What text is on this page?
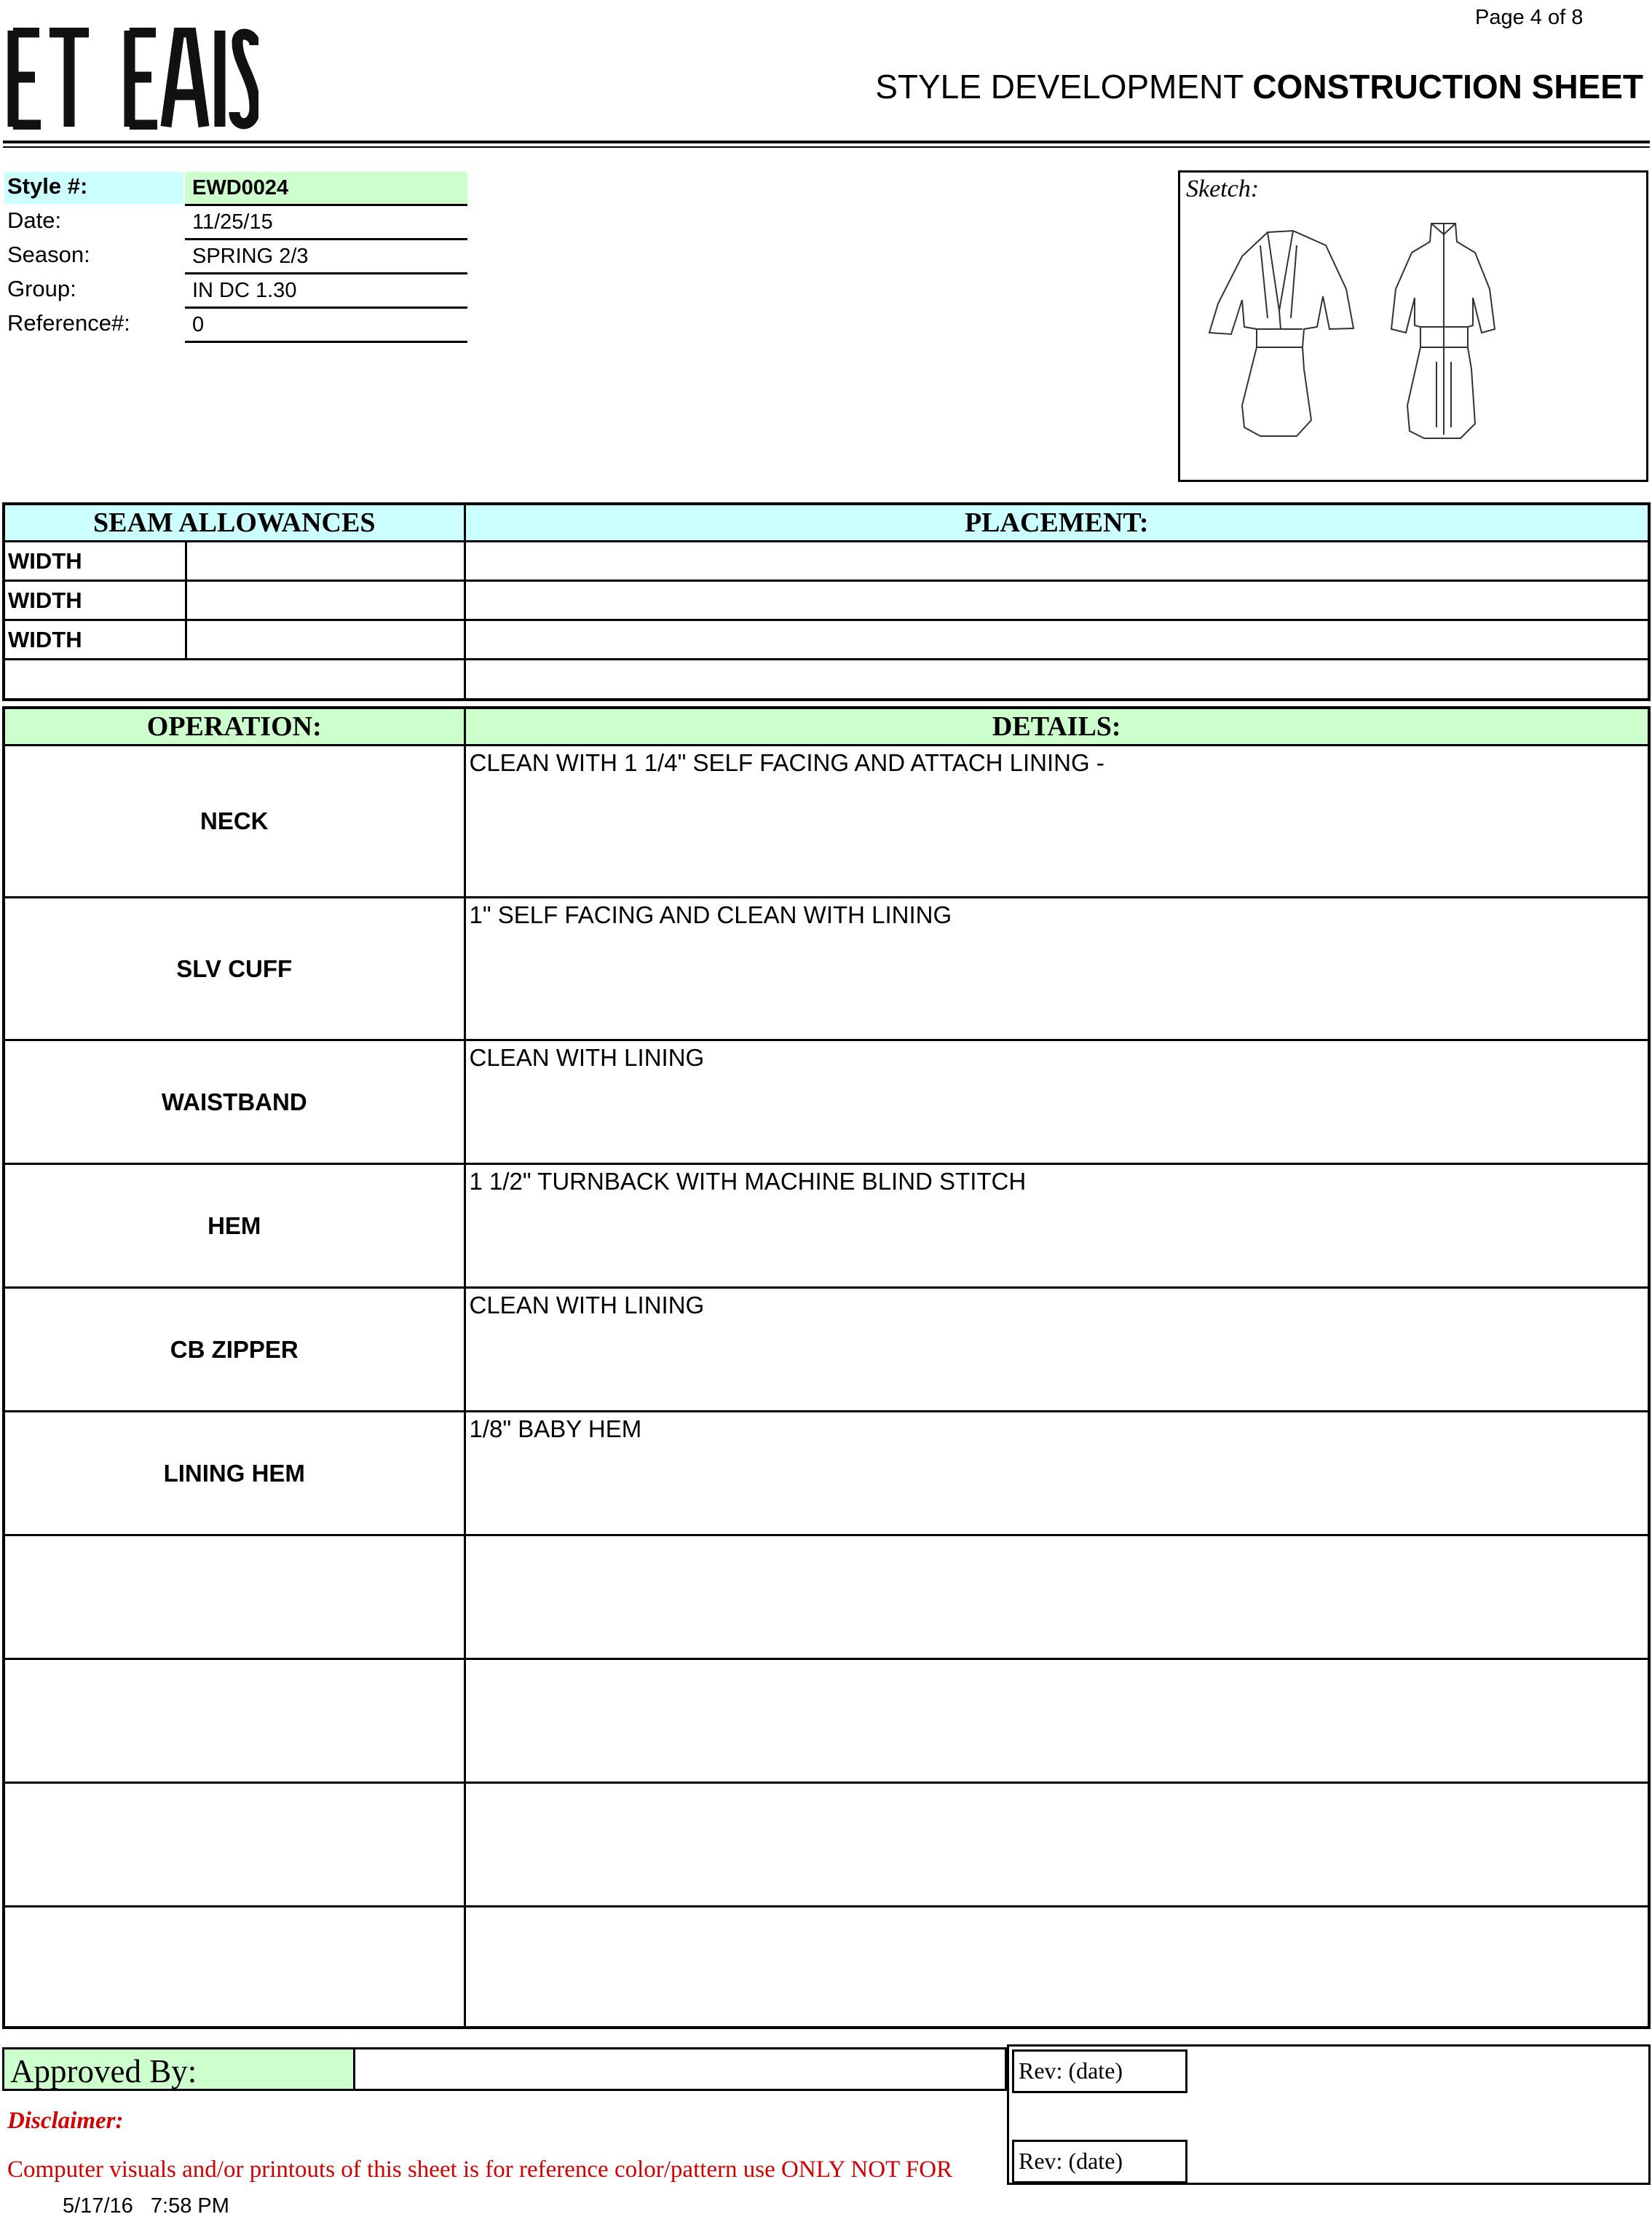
Page 4 of 8
STYLE DEVELOPMENT CONSTRUCTION SHEET
Style #:	EWD0024
Date:	11/25/15
Season:	SPRING 2/3
Group:	IN DC 1.30
Reference#:	0
Sketch:
SEAM ALLOWANCES		PLACEMENT:
WIDTH		
WIDTH		
WIDTH		

OPERATION:	DETAILS:
NECK	CLEAN WITH 1 1/4" SELF FACING AND ATTACH LINING -
SLV CUFF	1" SELF FACING AND CLEAN WITH LINING
WAISTBAND	CLEAN WITH LINING
HEM	1 1/2" TURNBACK WITH MACHINE BLIND STITCH
CB ZIPPER	CLEAN WITH LINING
LINING HEM	1/8" BABY HEM

Approved By:
Disclaimer:
Computer visuals and/or printouts of this sheet is for reference color/pattern use ONLY NOT FOR
Rev: (date)
Rev: (date)
5/17/16   7:58 PM
